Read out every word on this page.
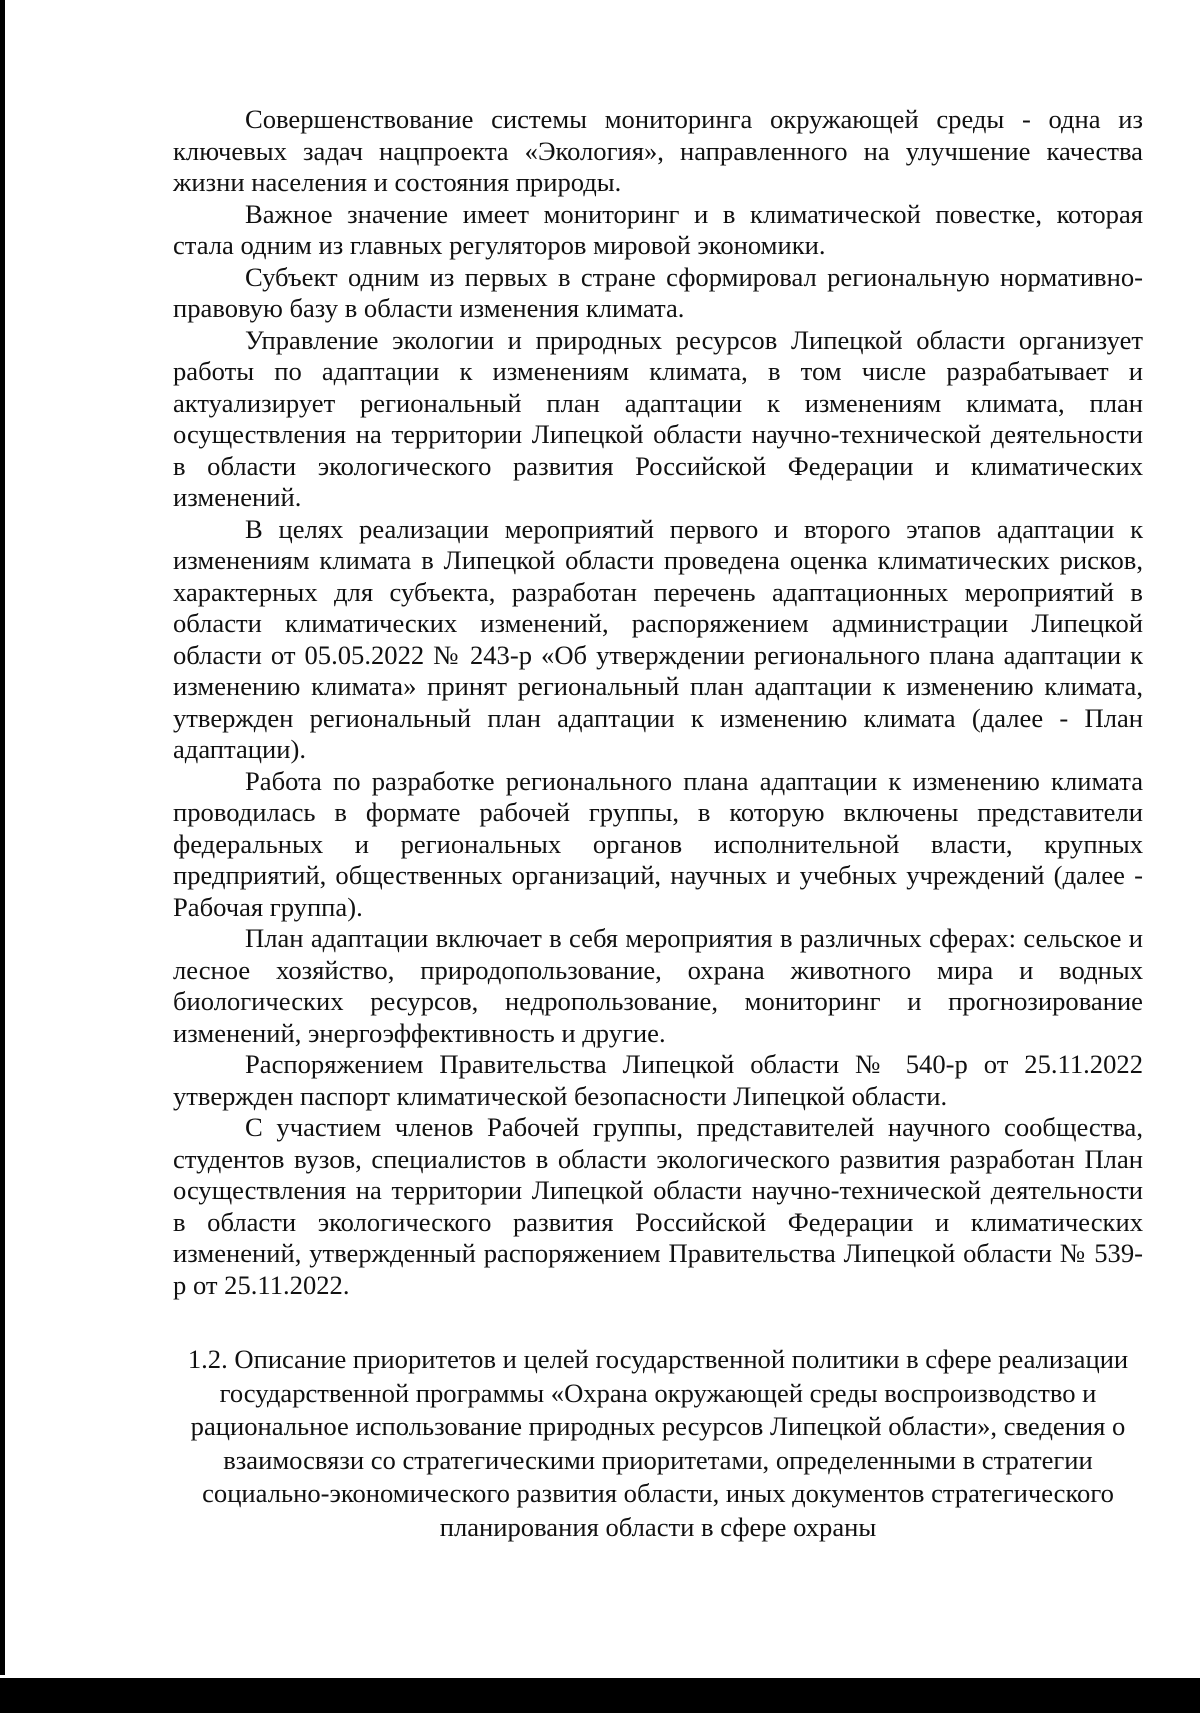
Совершенствование системы мониторинга окружающей среды - одна из ключевых задач нацпроекта «Экология», направленного на улучшение качества жизни населения и состояния природы.

Важное значение имеет мониторинг и в климатической повестке, которая стала одним из главных регуляторов мировой экономики.

Субъект одним из первых в стране сформировал региональную нормативно-правовую базу в области изменения климата.

Управление экологии и природных ресурсов Липецкой области организует работы по адаптации к изменениям климата, в том числе разрабатывает и актуализирует региональный план адаптации к изменениям климата, план осуществления на территории Липецкой области научно-технической деятельности в области экологического развития Российской Федерации и климатических изменений.

В целях реализации мероприятий первого и второго этапов адаптации к изменениям климата в Липецкой области проведена оценка климатических рисков, характерных для субъекта, разработан перечень адаптационных мероприятий в области климатических изменений, распоряжением администрации Липецкой области от 05.05.2022 № 243-р «Об утверждении регионального плана адаптации к изменению климата» принят региональный план адаптации к изменению климата, утвержден региональный план адаптации к изменению климата (далее - План адаптации).

Работа по разработке регионального плана адаптации к изменению климата проводилась в формате рабочей группы, в которую включены представители федеральных и региональных органов исполнительной власти, крупных предприятий, общественных организаций, научных и учебных учреждений (далее - Рабочая группа).

План адаптации включает в себя мероприятия в различных сферах: сельское и лесное хозяйство, природопользование, охрана животного мира и водных биологических ресурсов, недропользование, мониторинг и прогнозирование изменений, энергоэффективность и другие.

Распоряжением Правительства Липецкой области № 540-р от 25.11.2022 утвержден паспорт климатической безопасности Липецкой области.

С участием членов Рабочей группы, представителей научного сообщества, студентов вузов, специалистов в области экологического развития разработан План осуществления на территории Липецкой области научно-технической деятельности в области экологического развития Российской Федерации и климатических изменений, утвержденный распоряжением Правительства Липецкой области № 539-р от 25.11.2022.

1.2. Описание приоритетов и целей государственной политики в сфере реализации государственной программы «Охрана окружающей среды воспроизводство и рациональное использование природных ресурсов Липецкой области», сведения о взаимосвязи со стратегическими приоритетами, определенными в стратегии социально-экономического развития области, иных документов стратегического планирования области в сфере охраны
